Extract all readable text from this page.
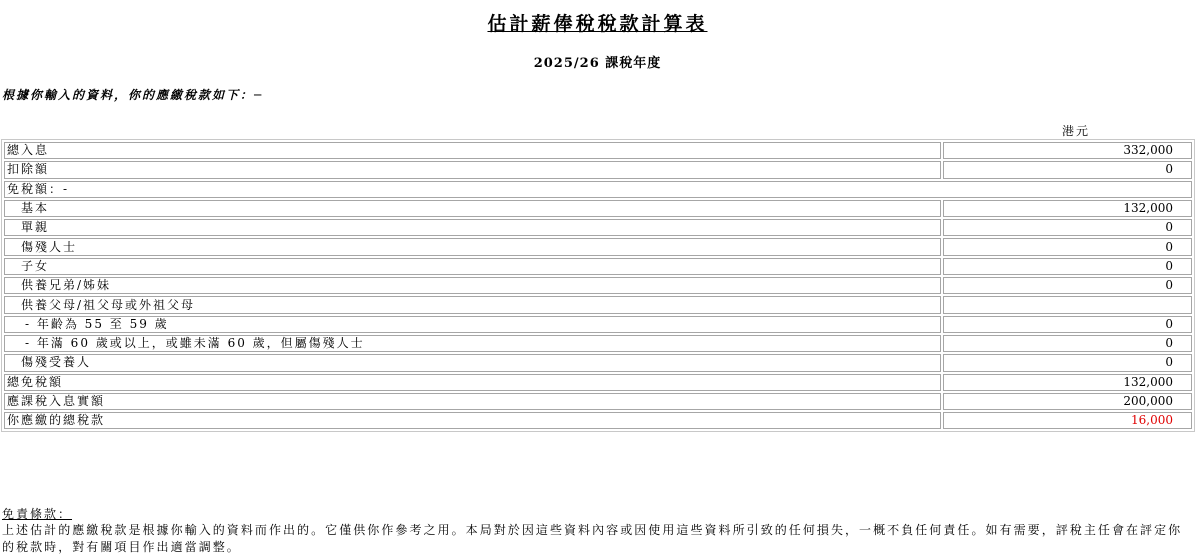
估計薪俸稅稅款計算表
2025/26 課稅年度
根據你輸入的資料，你的應繳稅款如下：─
港元
總入息	332,000
扣除額	0
免稅額：-	
基本	132,000
單親	0
傷殘人士	0
子女	0
供養兄弟/姊妹	0
供養父母/祖父母或外祖父母	
- 年齡為 55 至 59 歲	0
- 年滿 60 歲或以上，或雖未滿 60 歲，但屬傷殘人士	0
傷殘受養人	0
總免稅額	132,000
應課稅入息實額	200,000
你應繳的總稅款	16,000
免責條款：
上述估計的應繳稅款是根據你輸入的資料而作出的。它僅供你作參考之用。本局對於因這些資料內容或因使用這些資料所引致的任何損失，一概不負任何責任。如有需要，評稅主任會在評定你的稅款時，對有關項目作出適當調整。
